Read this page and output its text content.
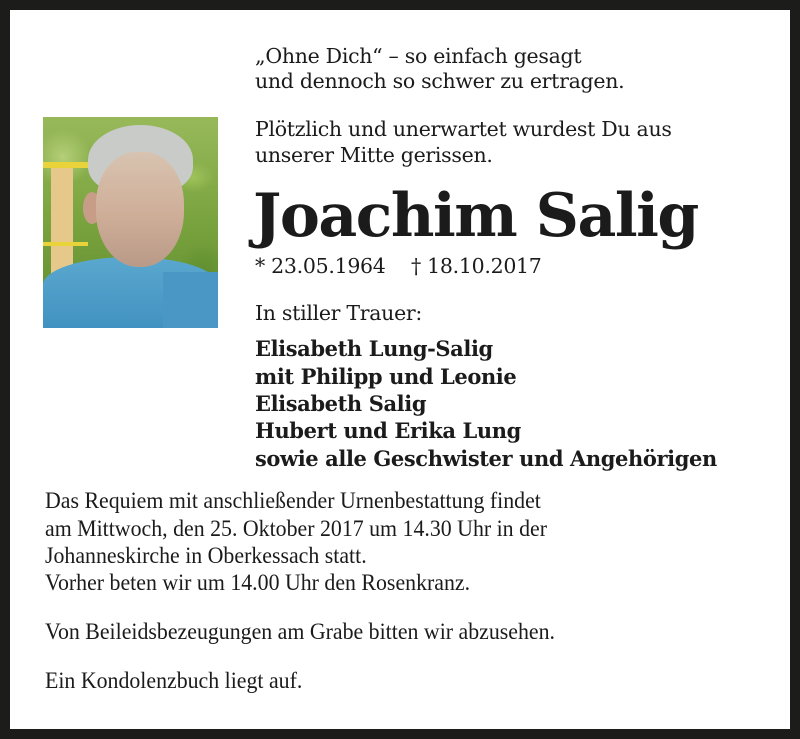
„Ohne Dich“ – so einfach gesagt
und dennoch so schwer zu ertragen.
Plötzlich und unerwartet wurdest Du aus
unserer Mitte gerissen.
Joachim Salig
* 23.05.1964 † 18.10.2017
In stiller Trauer:
Elisabeth Lung-Salig
mit Philipp und Leonie
Elisabeth Salig
Hubert und Erika Lung
sowie alle Geschwister und Angehörigen
Das Requiem mit anschließender Urnenbestattung findet
am Mittwoch, den 25. Oktober 2017 um 14.30 Uhr in der
Johanneskirche in Oberkessach statt.
Vorher beten wir um 14.00 Uhr den Rosenkranz.
Von Beileidsbezeugungen am Grabe bitten wir abzusehen.
Ein Kondolenzbuch liegt auf.
